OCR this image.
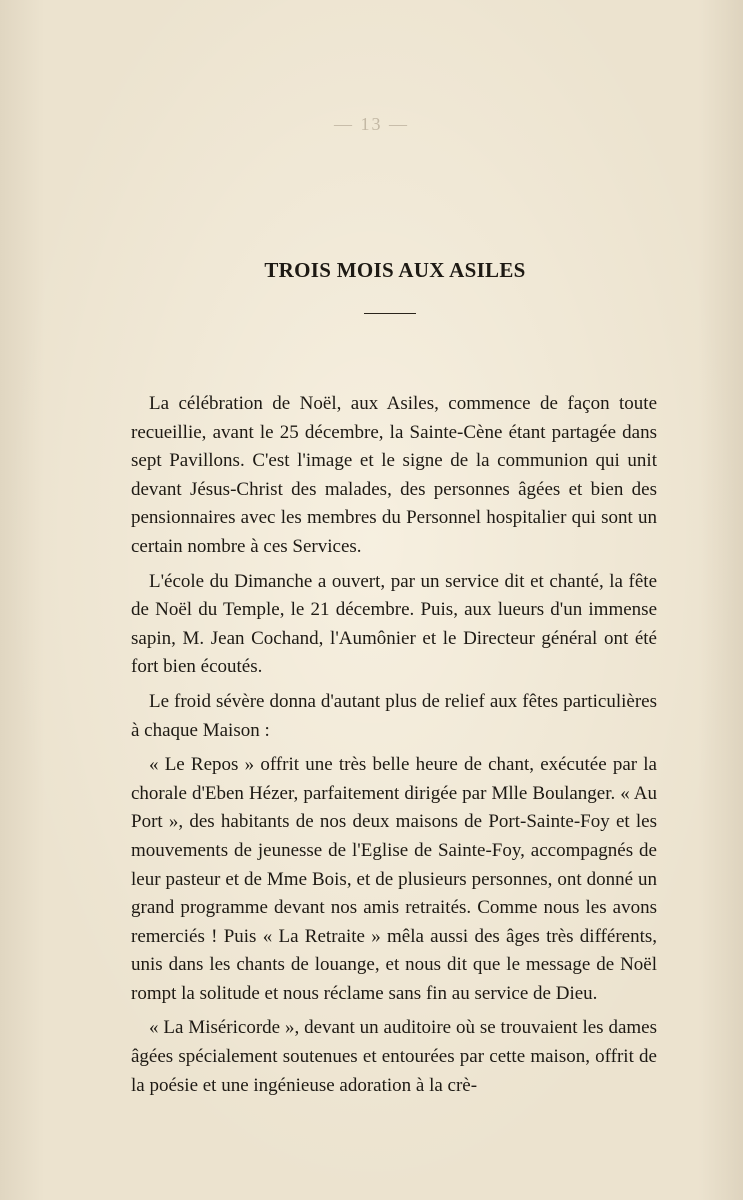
— 13 —
TROIS MOIS AUX ASILES

La célébration de Noël, aux Asiles, commence de façon toute recueillie, avant le 25 décembre, la Sainte-Cène étant partagée dans sept Pavillons. C'est l'image et le signe de la communion qui unit devant Jésus-Christ des malades, des personnes âgées et bien des pensionnaires avec les membres du Personnel hospitalier qui sont un certain nombre à ces Services.

L'école du Dimanche a ouvert, par un service dit et chanté, la fête de Noël du Temple, le 21 décembre. Puis, aux lueurs d'un immense sapin, M. Jean Cochand, l'Aumônier et le Directeur général ont été fort bien écoutés.

Le froid sévère donna d'autant plus de relief aux fêtes particulières à chaque Maison :

« Le Repos » offrit une très belle heure de chant, exécutée par la chorale d'Eben Hézer, parfaitement dirigée par Mlle Boulanger. « Au Port », des habitants de nos deux maisons de Port-Sainte-Foy et les mouvements de jeunesse de l'Eglise de Sainte-Foy, accompagnés de leur pasteur et de Mme Bois, et de plusieurs personnes, ont donné un grand programme devant nos amis retraités. Comme nous les avons remerciés ! Puis « La Retraite » mêla aussi des âges très différents, unis dans les chants de louange, et nous dit que le message de Noël rompt la solitude et nous réclame sans fin au service de Dieu.

« La Miséricorde », devant un auditoire où se trouvaient les dames âgées spécialement soutenues et entourées par cette maison, offrit de la poésie et une ingénieuse adoration à la crè-
